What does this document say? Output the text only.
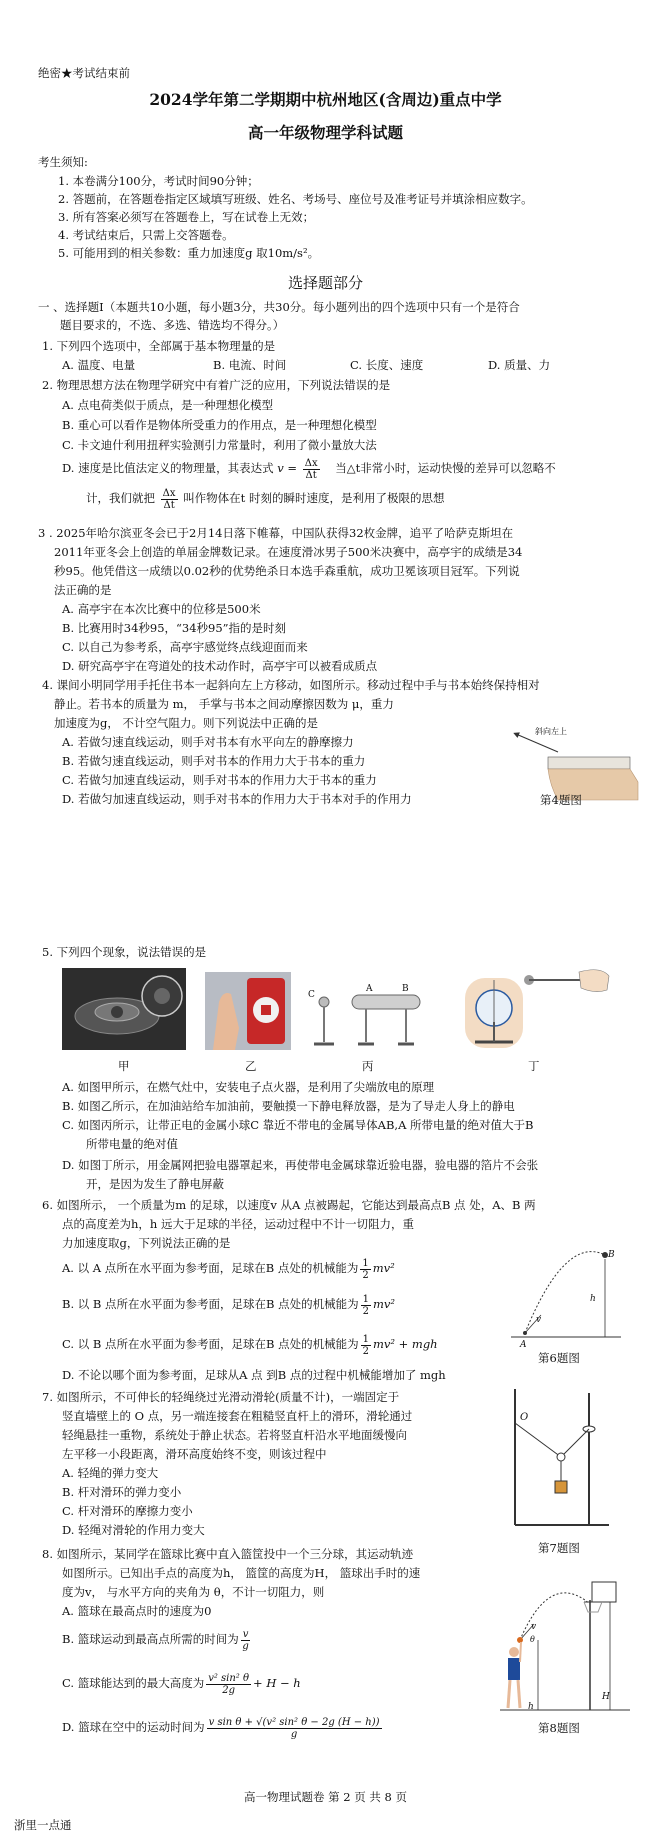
绝密★考试结束前
2024学年第二学期期中杭州地区(含周边)重点中学
高一年级物理学科试题
考生须知:
1. 本卷满分100分，考试时间90分钟；
2. 答题前，在答题卷指定区域填写班级、姓名、考场号、座位号及准考证号并填涂相应数字。
3. 所有答案必须写在答题卷上，写在试卷上无效；
4. 考试结束后，只需上交答题卷。
5. 可能用到的相关参数：重力加速度g 取10m/s²。
选择题部分
一 、选择题Ⅰ（本题共10小题，每小题3分，共30分。每小题列出的四个选项中只有一个是符合
题目要求的，不选、多选、错选均不得分。）
1. 下列四个选项中，全部属于基本物理量的是
A. 温度、电量	B. 电流、时间	C. 长度、速度	D. 质量、力
2. 物理思想方法在物理学研究中有着广泛的应用，下列说法错误的是
A. 点电荷类似于质点，是一种理想化模型
B. 重心可以看作是物体所受重力的作用点，是一种理想化模型
C. 卡文迪什利用扭秤实验测引力常量时，利用了微小量放大法
D. 速度是比值法定义的物理量，其表达式 $v = \frac{\Delta x}{\Delta t}$ 当△t非常小时，运动快慢的差异可以忽略不
计，我们就把 $\frac{\Delta x}{\Delta t}$ 叫作物体在t 时刻的瞬时速度，是利用了极限的思想
3 . 2025年哈尔滨亚冬会已于2月14日落下帷幕，中国队获得32枚金牌，追平了哈萨克斯坦在
2011年亚冬会上创造的单届金牌数记录。在速度滑冰男子500米决赛中，高亭宇的成绩是34
秒95。他凭借这一成绩以0.02秒的优势绝杀日本选手森重航，成功卫冕该项目冠军。下列说
法正确的是
A. 高亭宇在本次比赛中的位移是500米
B. 比赛用时34秒95，“34秒95”指的是时刻
C. 以自己为参考系，高亭宇感觉终点线迎面而来
D. 研究高亭宇在弯道处的技术动作时，高亭宇可以被看成质点
4. 课间小明同学用手托住书本一起斜向左上方移动，如图所示。移动过程中手与书本始终保持相对
静止。若书本的质量为 m， 手掌与书本之间动摩擦因数为 μ，重力
加速度为g， 不计空气阻力。则下列说法中正确的是
A. 若做匀速直线运动，则手对书本有水平向左的静摩擦力
B. 若做匀速直线运动，则手对书本的作用力大于书本的重力
C. 若做匀加速直线运动，则手对书本的作用力大于书本的重力
D. 若做匀加速直线运动，则手对书本的作用力大于书本对手的作用力
斜向左上
第4题图
5. 下列四个现象，说法错误的是
C
A	B
甲	乙	丙	丁
A. 如图甲所示，在燃气灶中，安装电子点火器，是利用了尖端放电的原理
B. 如图乙所示，在加油站给车加油前，要触摸一下静电释放器，是为了导走人身上的静电
C. 如图丙所示，让带正电的金属小球C 靠近不带电的金属导体AB,A 所带电量的绝对值大于B
所带电量的绝对值
D. 如图丁所示，用金属网把验电器罩起来，再使带电金属球靠近验电器，验电器的箔片不会张
开，是因为发生了静电屏蔽
6. 如图所示， 一个质量为m 的足球，以速度v 从A 点被踢起，它能达到最高点B 点 处，A、B 两
点的高度差为h，h 远大于足球的半径，运动过程中不计一切阻力，重
力加速度取g，下列说法正确的是
A. 以 A 点所在水平面为参考面，足球在B 点处的机械能为 $\frac{1}{2} mv^2$
B. 以 B 点所在水平面为参考面，足球在B 点处的机械能为 $\frac{1}{2} mv^2$
C. 以 B 点所在水平面为参考面，足球在B 点处的机械能为 $\frac{1}{2} mv^2$ + mgh
D. 不论以哪个面为参考面，足球从A 点 到B 点的过程中机械能增加了 mgh
B
h
v
A
第6题图
7. 如图所示，不可伸长的轻绳绕过光滑动滑轮(质量不计)，一端固定于
竖直墙壁上的 O 点，另一端连接套在粗糙竖直杆上的滑环，滑轮通过
轻绳悬挂一重物，系统处于静止状态。若将竖直杆沿水平地面缓慢向
左平移一小段距离，滑环高度始终不变，则该过程中
A. 轻绳的弹力变大
B. 杆对滑环的弹力变小
C. 杆对滑环的摩擦力变小
D. 轻绳对滑轮的作用力变大
O
第7题图
8. 如图所示，某同学在篮球比赛中直入篮筐投中一个三分球，其运动轨迹
如图所示。已知出手点的高度为h， 篮筐的高度为H， 篮球出手时的速
度为v， 与水平方向的夹角为 θ，不计一切阻力，则
A. 篮球在最高点时的速度为0
B. 篮球运动到最高点所需的时间为 $\frac{v}{g}$
C. 篮球能达到的最大高度为 $\frac{\text{v² sin² θ}}{2g} + H - h$
D. 篮球在空中的运动时间为 $\frac{\text{v sin θ + √(v² sin² θ − 2g (H − h))}}{g}$
v
θ
h
H
第8题图
高一物理试题卷 第 2 页 共 8 页
浙里一点通
